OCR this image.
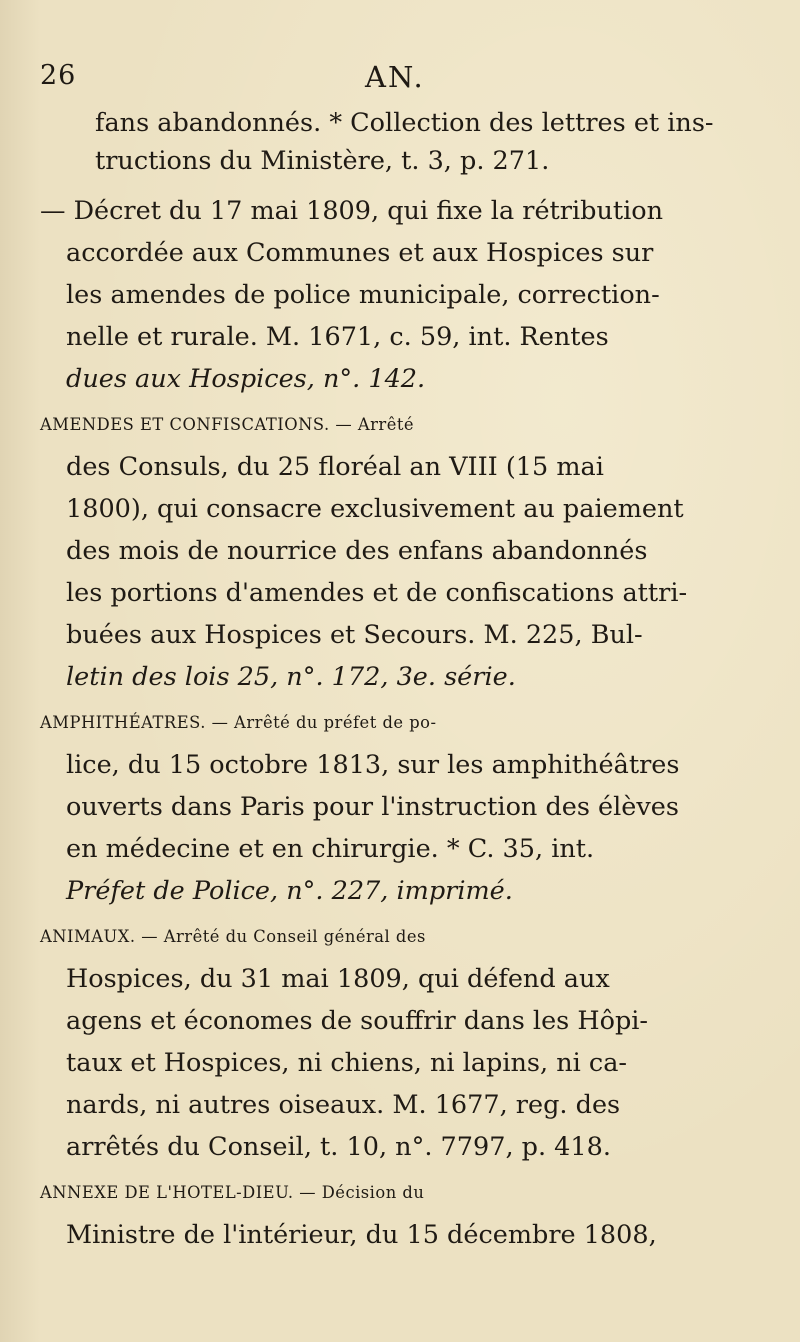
26	AN.
fans abandonnés. * Collection des lettres et ins-
tructions du Ministère, t. 3, p. 271.
— Décret du 17 mai 1809, qui fixe la rétribution
accordée aux Communes et aux Hospices sur
les amendes de police municipale, correction-
nelle et rurale. M. 1671, c. 59, int. Rentes
dues aux Hospices, n°. 142.
AMENDES ET CONFISCATIONS. — Arrêté
des Consuls, du 25 floréal an VIII (15 mai
1800), qui consacre exclusivement au paiement
des mois de nourrice des enfans abandonnés
les portions d'amendes et de confiscations attri-
buées aux Hospices et Secours. M. 225, Bul-
letin des lois 25, n°. 172, 3e. série.
AMPHITHÉATRES. — Arrêté du préfet de po-
lice, du 15 octobre 1813, sur les amphithéâtres
ouverts dans Paris pour l'instruction des élèves
en médecine et en chirurgie. * C. 35, int.
Préfet de Police, n°. 227, imprimé.
ANIMAUX. — Arrêté du Conseil général des
Hospices, du 31 mai 1809, qui défend aux
agens et économes de souffrir dans les Hôpi-
taux et Hospices, ni chiens, ni lapins, ni ca-
nards, ni autres oiseaux. M. 1677, reg. des
arrêtés du Conseil, t. 10, n°. 7797, p. 418.
ANNEXE DE L'HOTEL-DIEU. — Décision du
Ministre de l'intérieur, du 15 décembre 1808,
